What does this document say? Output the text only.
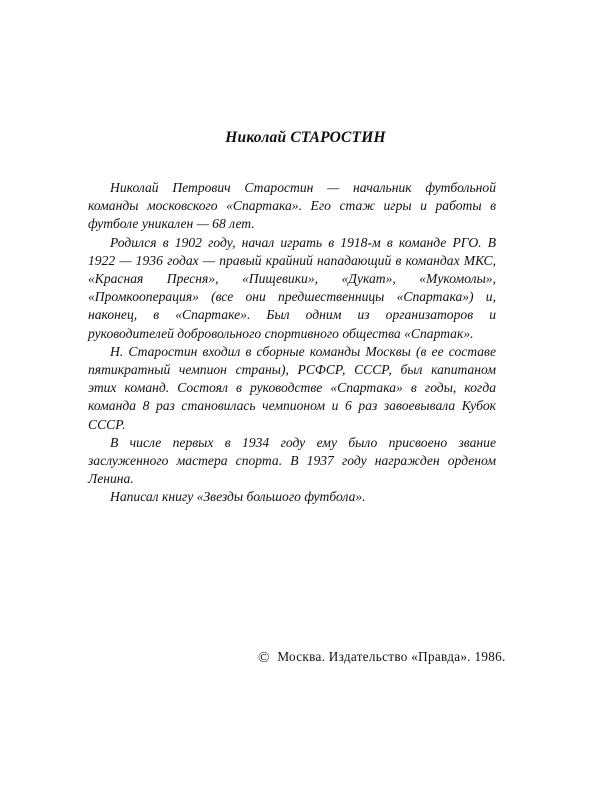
Николай СТАРОСТИН

Николай Петрович Старостин — начальник футбольной команды московского «Спартака». Его стаж игры и работы в футболе уникален — 68 лет.

Родился в 1902 году, начал играть в 1918-м в команде РГО. В 1922 — 1936 годах — правый крайний нападающий в командах МКС, «Красная Пресня», «Пищевики», «Дукат», «Мукомолы», «Промкооперация» (все они предшественницы «Спартака») и, наконец, в «Спартаке». Был одним из организаторов и руководителей добровольного спортивного общества «Спартак».

Н. Старостин входил в сборные команды Москвы (в ее составе пятикратный чемпион страны), РСФСР, СССР, был капитаном этих команд. Состоял в руководстве «Спартака» в годы, когда команда 8 раз становилась чемпионом и 6 раз завоевывала Кубок СССР.

В числе первых в 1934 году ему было присвоено звание заслуженного мастера спорта. В 1937 году награжден орденом Ленина.

Написал книгу «Звезды большого футбола».

© Москва. Издательство «Правда». 1986.
